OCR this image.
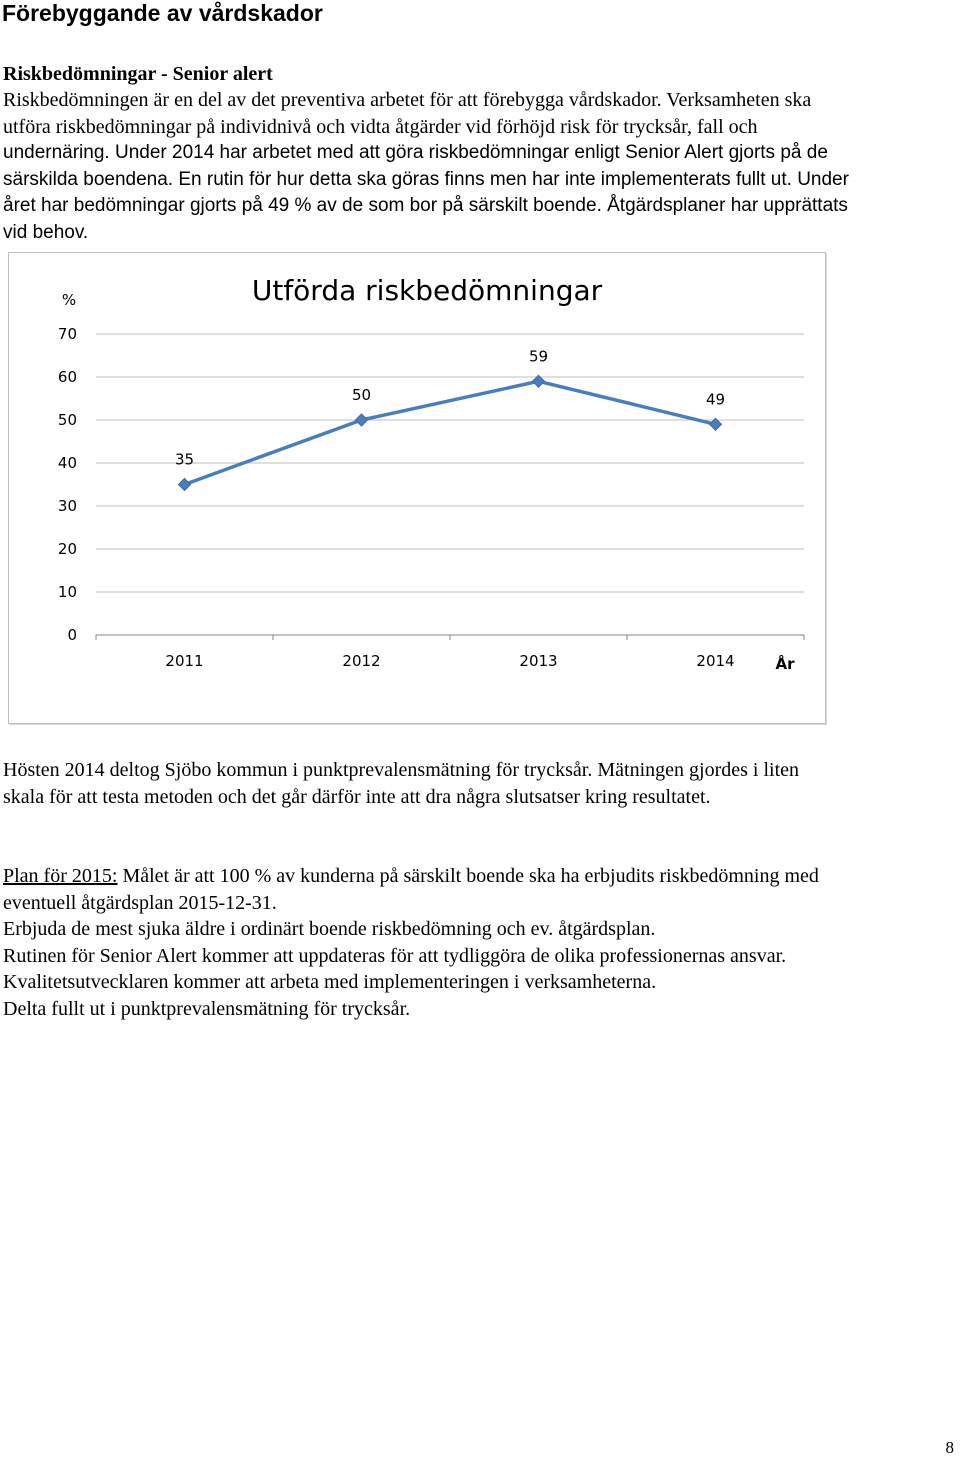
Förebyggande av vårdskador
Riskbedömningar - Senior alert
Riskbedömningen är en del av det preventiva arbetet för att förebygga vårdskador. Verksamheten ska
utföra riskbedömningar på individnivå och vidta åtgärder vid förhöjd risk för trycksår, fall och
undernäring. Under 2014 har arbetet med att göra riskbedömningar enligt Senior Alert gjorts på de
särskilda boendena. En rutin för hur detta ska göras finns men har inte implementerats fullt ut. Under
året har bedömningar gjorts på 49 % av de som bor på särskilt boende. Åtgärdsplaner har upprättats
vid behov.
Utförda riskbedömningar
%
År
0
10
20
30
40
50
60
70
2011	2012	2013	2014
35
50
59
49
Hösten 2014 deltog Sjöbo kommun i punktprevalensmätning för trycksår. Mätningen gjordes i liten
skala för att testa metoden och det går därför inte att dra några slutsatser kring resultatet.
Plan för 2015: Målet är att 100 % av kunderna på särskilt boende ska ha erbjudits riskbedömning med
eventuell åtgärdsplan 2015-12-31.
Erbjuda de mest sjuka äldre i ordinärt boende riskbedömning och ev. åtgärdsplan.
Rutinen för Senior Alert kommer att uppdateras för att tydliggöra de olika professionernas ansvar.
Kvalitetsutvecklaren kommer att arbeta med implementeringen i verksamheterna.
Delta fullt ut i punktprevalensmätning för trycksår.
8
